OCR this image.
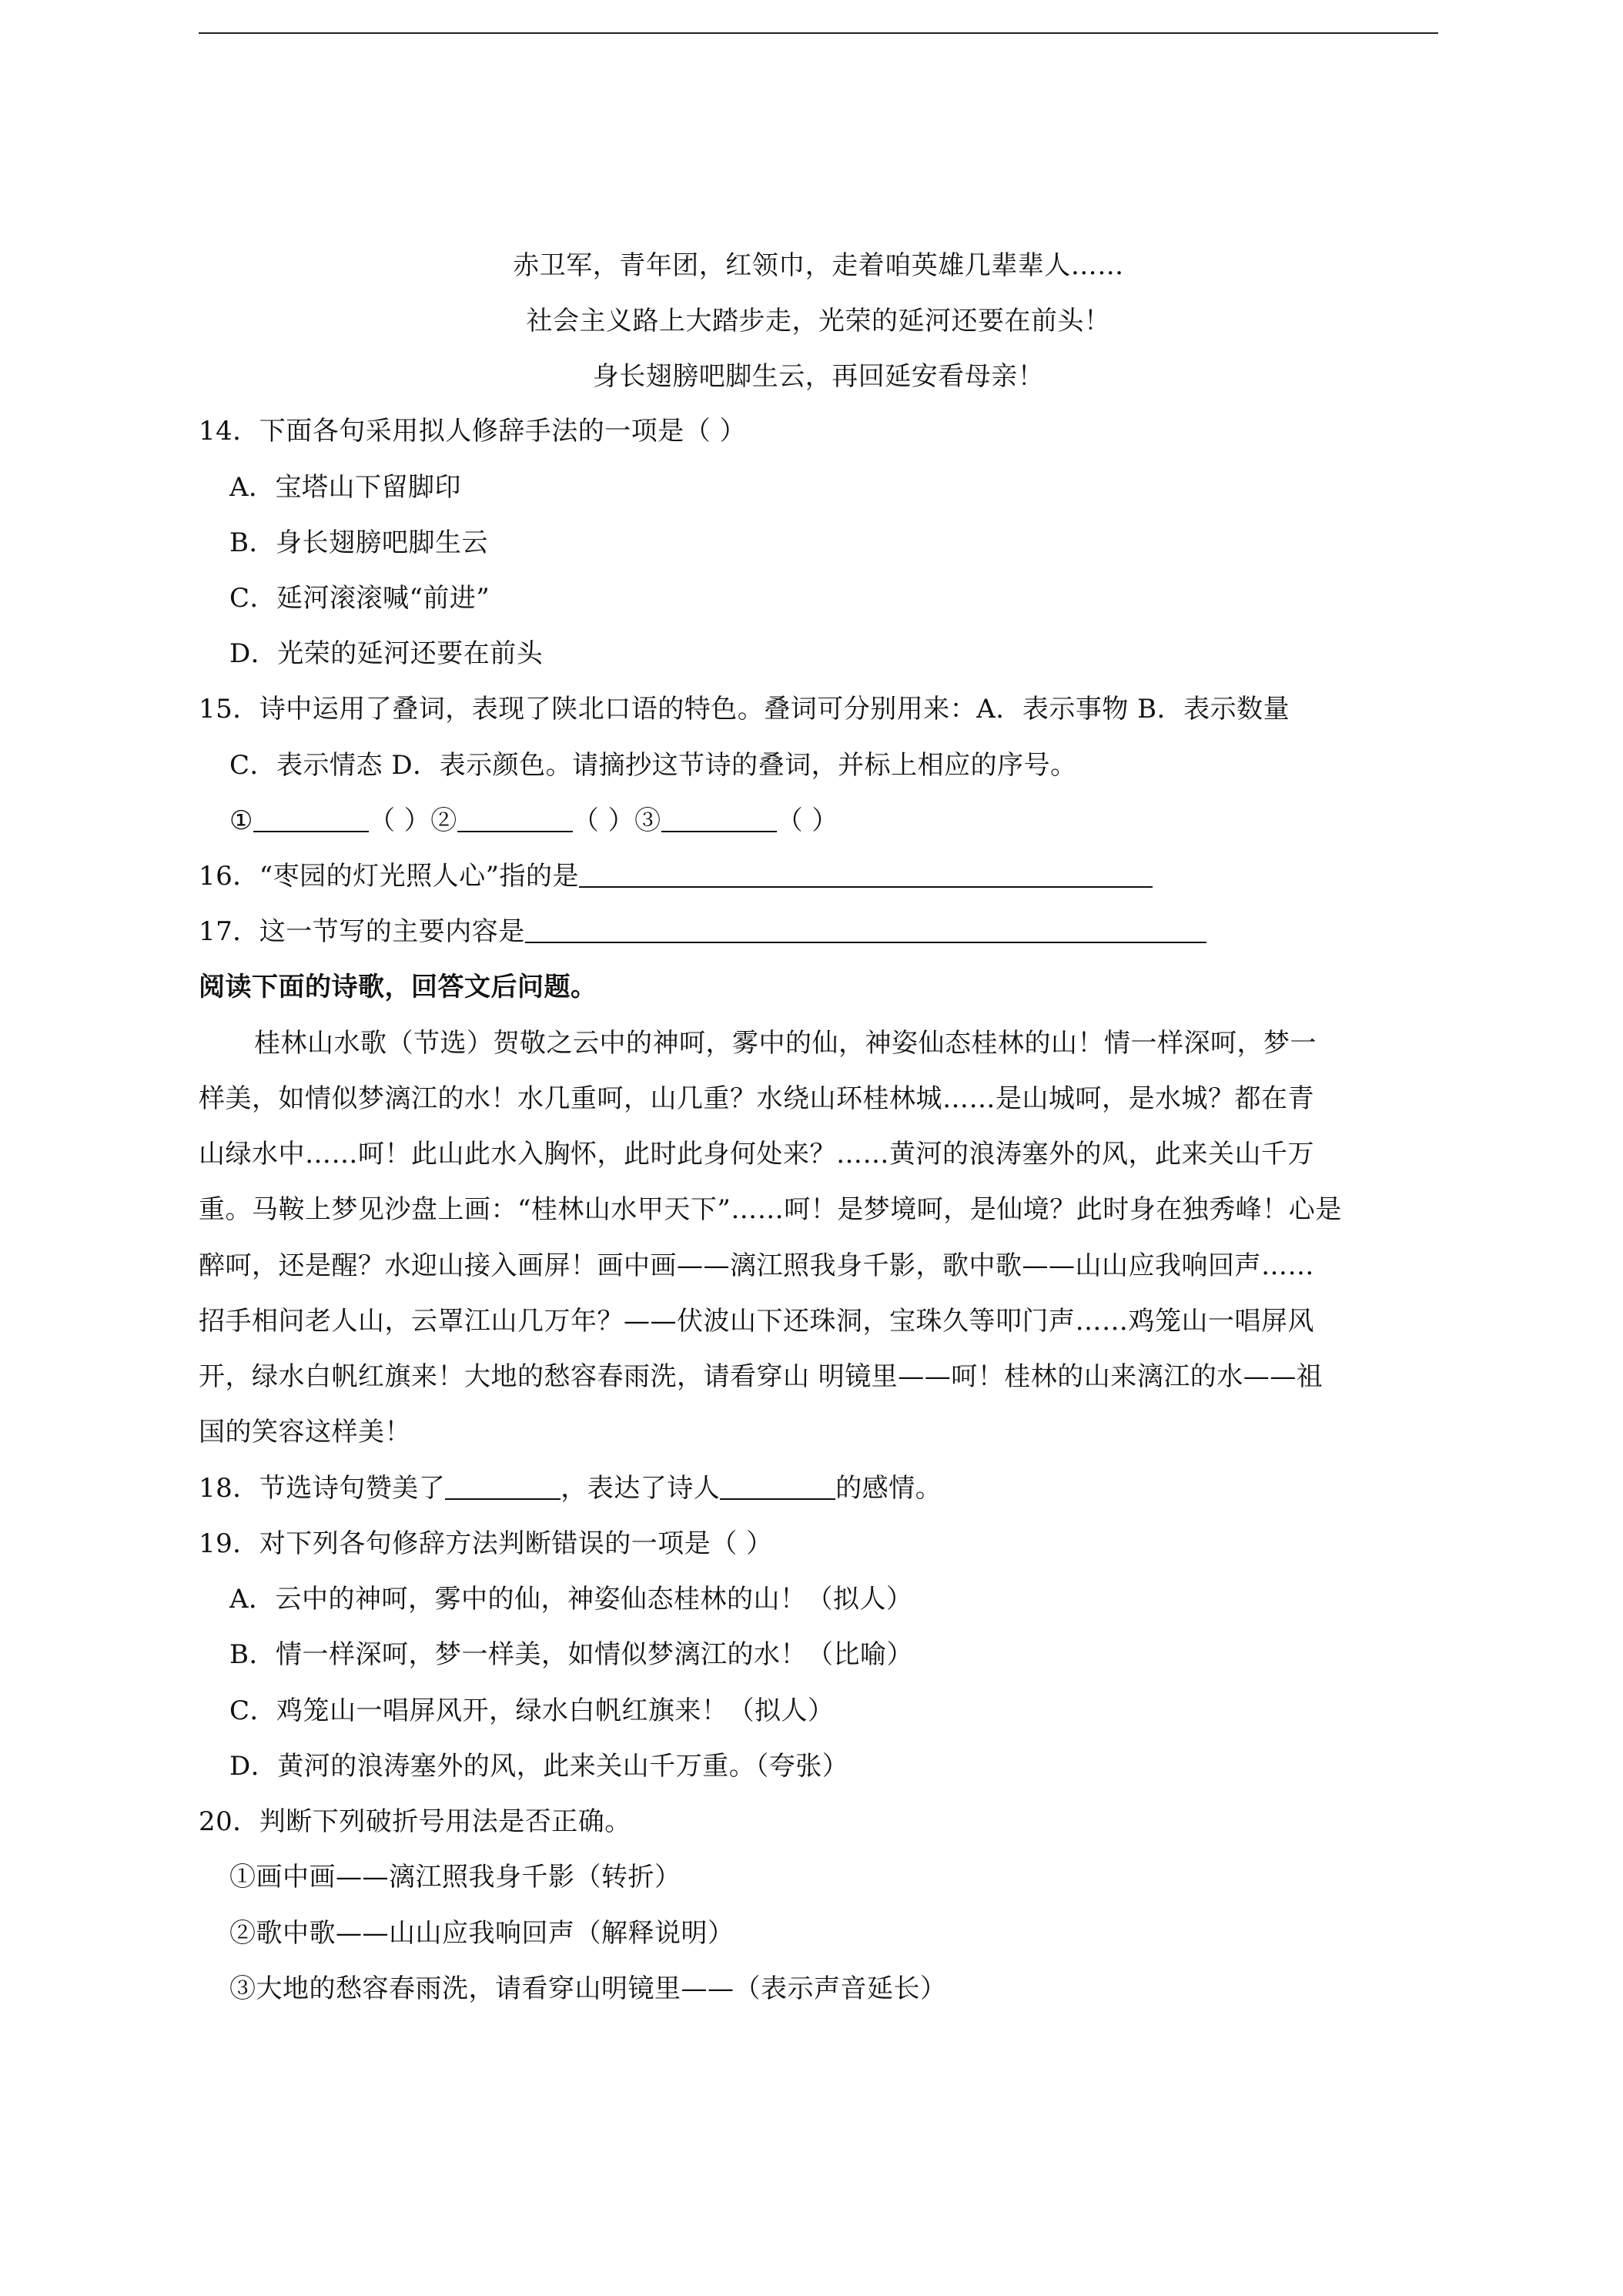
赤卫军，青年团，红领巾，走着咱英雄几辈辈人……
社会主义路上大踏步走，光荣的延河还要在前头！
身长翅膀吧脚生云，再回延安看母亲！
14．下面各句采用拟人修辞手法的一项是（ ）
A．宝塔山下留脚印
B．身长翅膀吧脚生云
C．延河滚滚喊“前进”
D．光荣的延河还要在前头
15．诗中运用了叠词，表现了陕北口语的特色。叠词可分别用来：A．表示事物 B．表示数量
C．表示情态 D．表示颜色。请摘抄这节诗的叠词，并标上相应的序号。
①	（ ）②	（ ）③	（ ）
16．“枣园的灯光照人心”指的是
17．这一节写的主要内容是
阅读下面的诗歌，回答文后问题。
桂林山水歌（节选）贺敬之云中的神呵，雾中的仙，神姿仙态桂林的山！情一样深呵，梦一
样美，如情似梦漓江的水！水几重呵，山几重？水绕山环桂林城……是山城呵，是水城？都在青
山绿水中……呵！此山此水入胸怀，此时此身何处来？……黄河的浪涛塞外的风，此来关山千万
重。马鞍上梦见沙盘上画：“桂林山水甲天下”……呵！是梦境呵，是仙境？此时身在独秀峰！心是
醉呵，还是醒？水迎山接入画屏！画中画——漓江照我身千影，歌中歌——山山应我响回声……
招手相问老人山，云罩江山几万年？——伏波山下还珠洞，宝珠久等叩门声……鸡笼山一唱屏风
开，绿水白帆红旗来！大地的愁容春雨洗，请看穿山 明镜里——呵！桂林的山来漓江的水——祖
国的笑容这样美！
18．节选诗句赞美了	，表达了诗人	的感情。
19．对下列各句修辞方法判断错误的一项是（ ）
A．云中的神呵，雾中的仙，神姿仙态桂林的山！（拟人）
B．情一样深呵，梦一样美，如情似梦漓江的水！（比喻）
C．鸡笼山一唱屏风开，绿水白帆红旗来！（拟人）
D．黄河的浪涛塞外的风，此来关山千万重。（夸张）
20．判断下列破折号用法是否正确。
①画中画——漓江照我身千影（转折）
②歌中歌——山山应我响回声（解释说明）
③大地的愁容春雨洗，请看穿山明镜里——（表示声音延长）
